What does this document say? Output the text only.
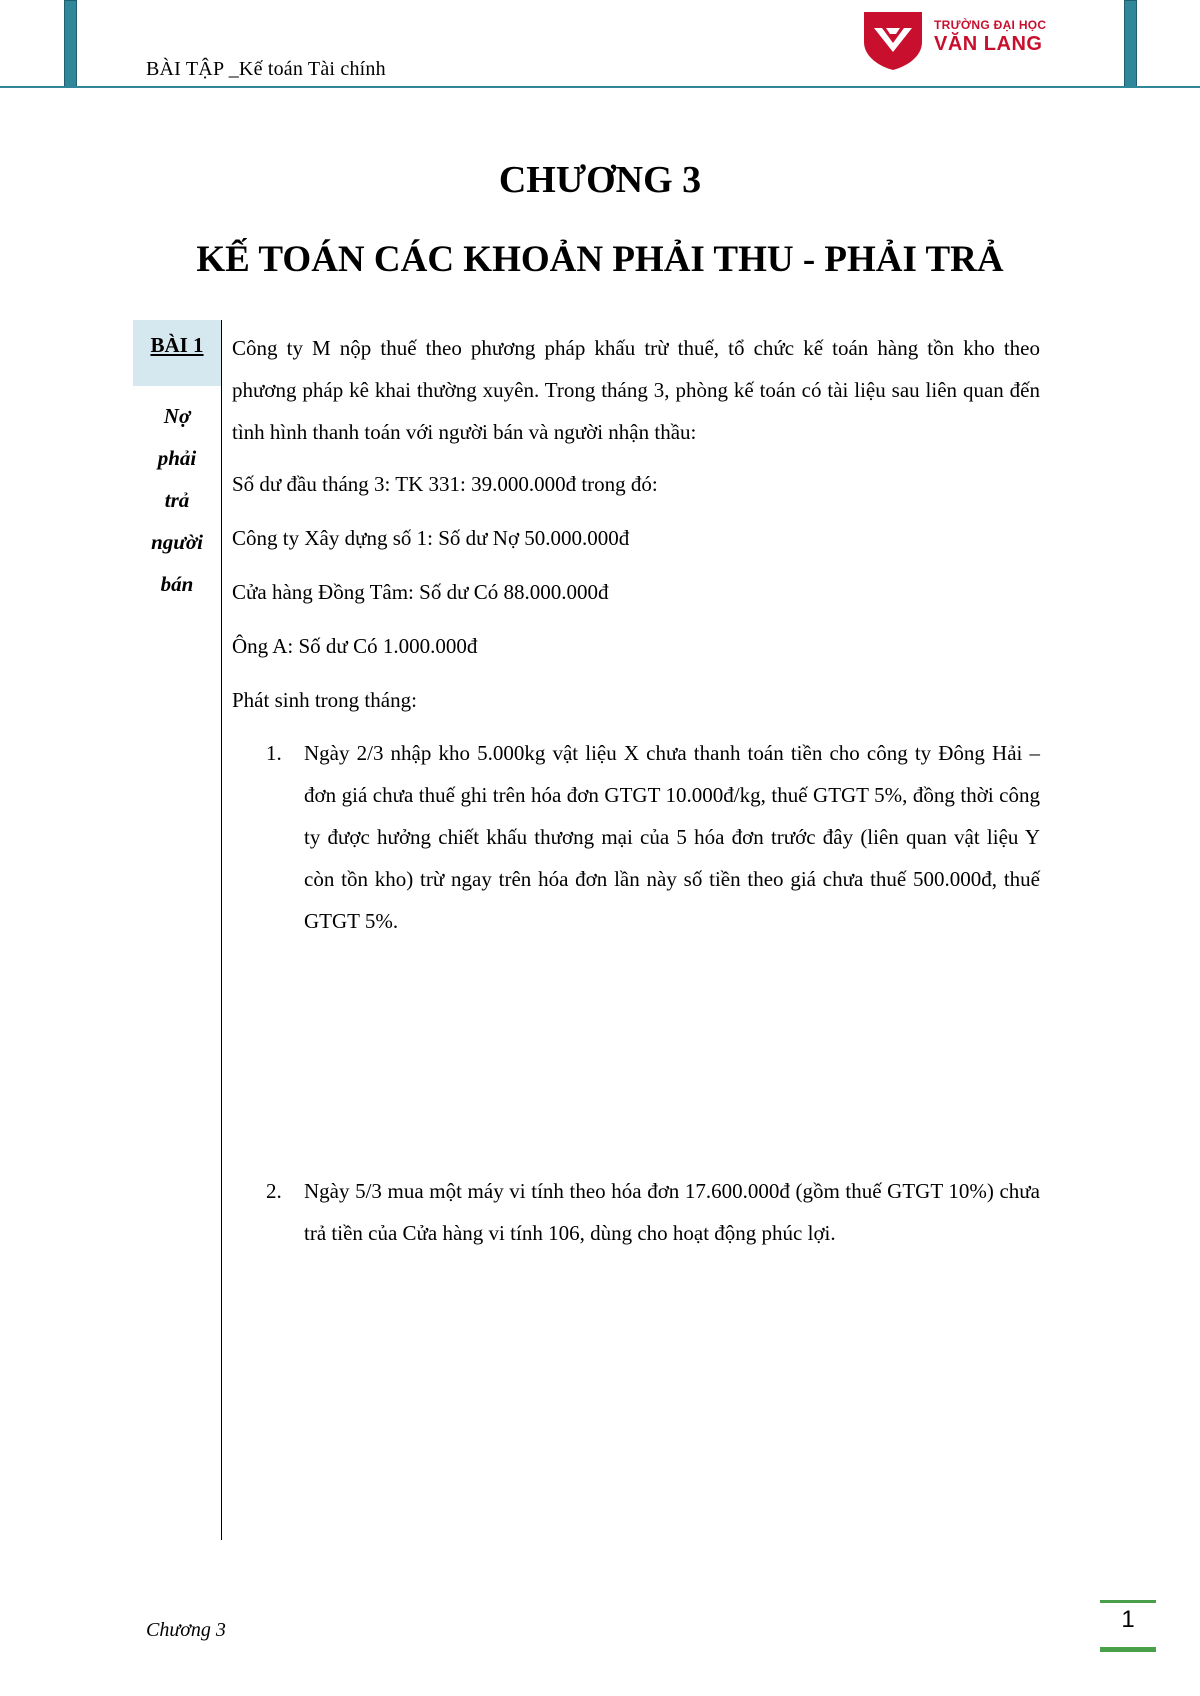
BÀI TẬP _Kế toán Tài chính
TRƯỜNG ĐẠI HỌC
VĂN LANG
CHƯƠNG 3
KẾ TOÁN CÁC KHOẢN PHẢI THU - PHẢI TRẢ
BÀI 1
Nợ
phải
trả
người
bán
Công ty M nộp thuế theo phương pháp khấu trừ thuế, tổ chức kế toán hàng tồn kho theo phương pháp kê khai thường xuyên. Trong tháng 3, phòng kế toán có tài liệu sau liên quan đến tình hình thanh toán với người bán và người nhận thầu:
Số dư đầu tháng 3: TK 331: 39.000.000đ trong đó:
Công ty Xây dựng số 1: Số dư Nợ 50.000.000đ
Cửa hàng Đồng Tâm: Số dư Có 88.000.000đ
Ông A: Số dư Có 1.000.000đ
Phát sinh trong tháng:
1. Ngày 2/3 nhập kho 5.000kg vật liệu X chưa thanh toán tiền cho công ty Đông Hải – đơn giá chưa thuế ghi trên hóa đơn GTGT 10.000đ/kg, thuế GTGT 5%, đồng thời công ty được hưởng chiết khấu thương mại của 5 hóa đơn trước đây (liên quan vật liệu Y còn tồn kho) trừ ngay trên hóa đơn lần này số tiền theo giá chưa thuế 500.000đ, thuế GTGT 5%.
2. Ngày 5/3 mua một máy vi tính theo hóa đơn 17.600.000đ (gồm thuế GTGT 10%) chưa trả tiền của Cửa hàng vi tính 106, dùng cho hoạt động phúc lợi.
Chương 3	1
